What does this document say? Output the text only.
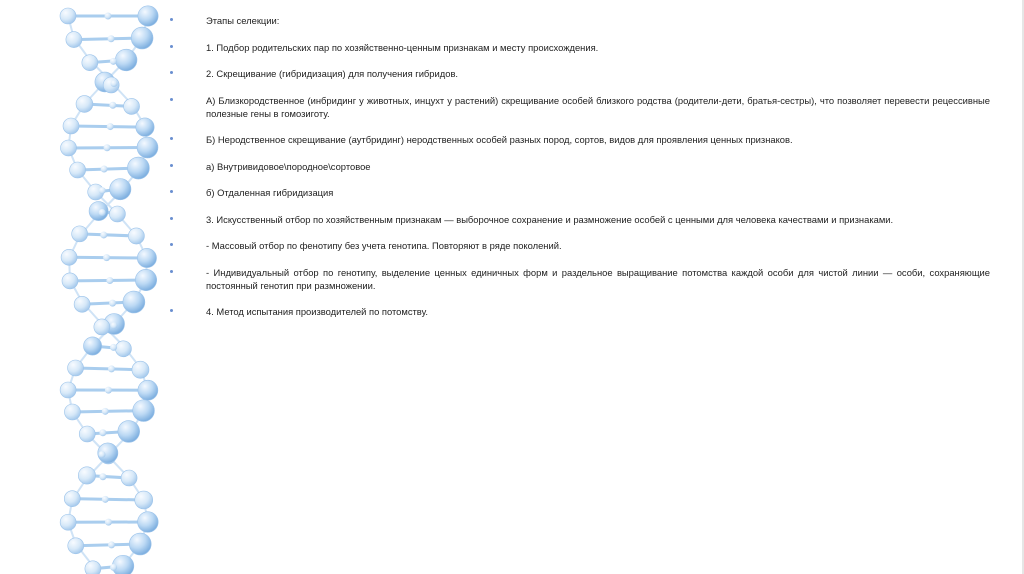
Этапы селекции:
1. Подбор родительских пар по хозяйственно-ценным признакам и месту происхождения.
2. Скрещивание (гибридизация) для получения гибридов.
А) Близкородственное (инбридинг у животных, инцухт у растений) скрещивание особей близкого родства (родители-дети, братья-сестры), что позволяет перевести рецессивные полезные гены в гомозиготу.
Б) Неродственное скрещивание (аутбридинг) неродственных особей разных пород, сортов, видов для проявления ценных признаков.
а) Внутривидовое\породное\сортовое
б) Отдаленная гибридизация
3. Искусственный отбор по хозяйственным признакам — выборочное сохранение и размножение особей с ценными для человека качествами и признаками.
- Массовый отбор по фенотипу без учета генотипа. Повторяют в ряде поколений.
- Индивидуальный отбор по генотипу, выделение ценных единичных форм и раздельное выращивание потомства каждой особи для чистой линии — особи, сохраняющие постоянный генотип при размножении.
4. Метод испытания производителей по потомству.
